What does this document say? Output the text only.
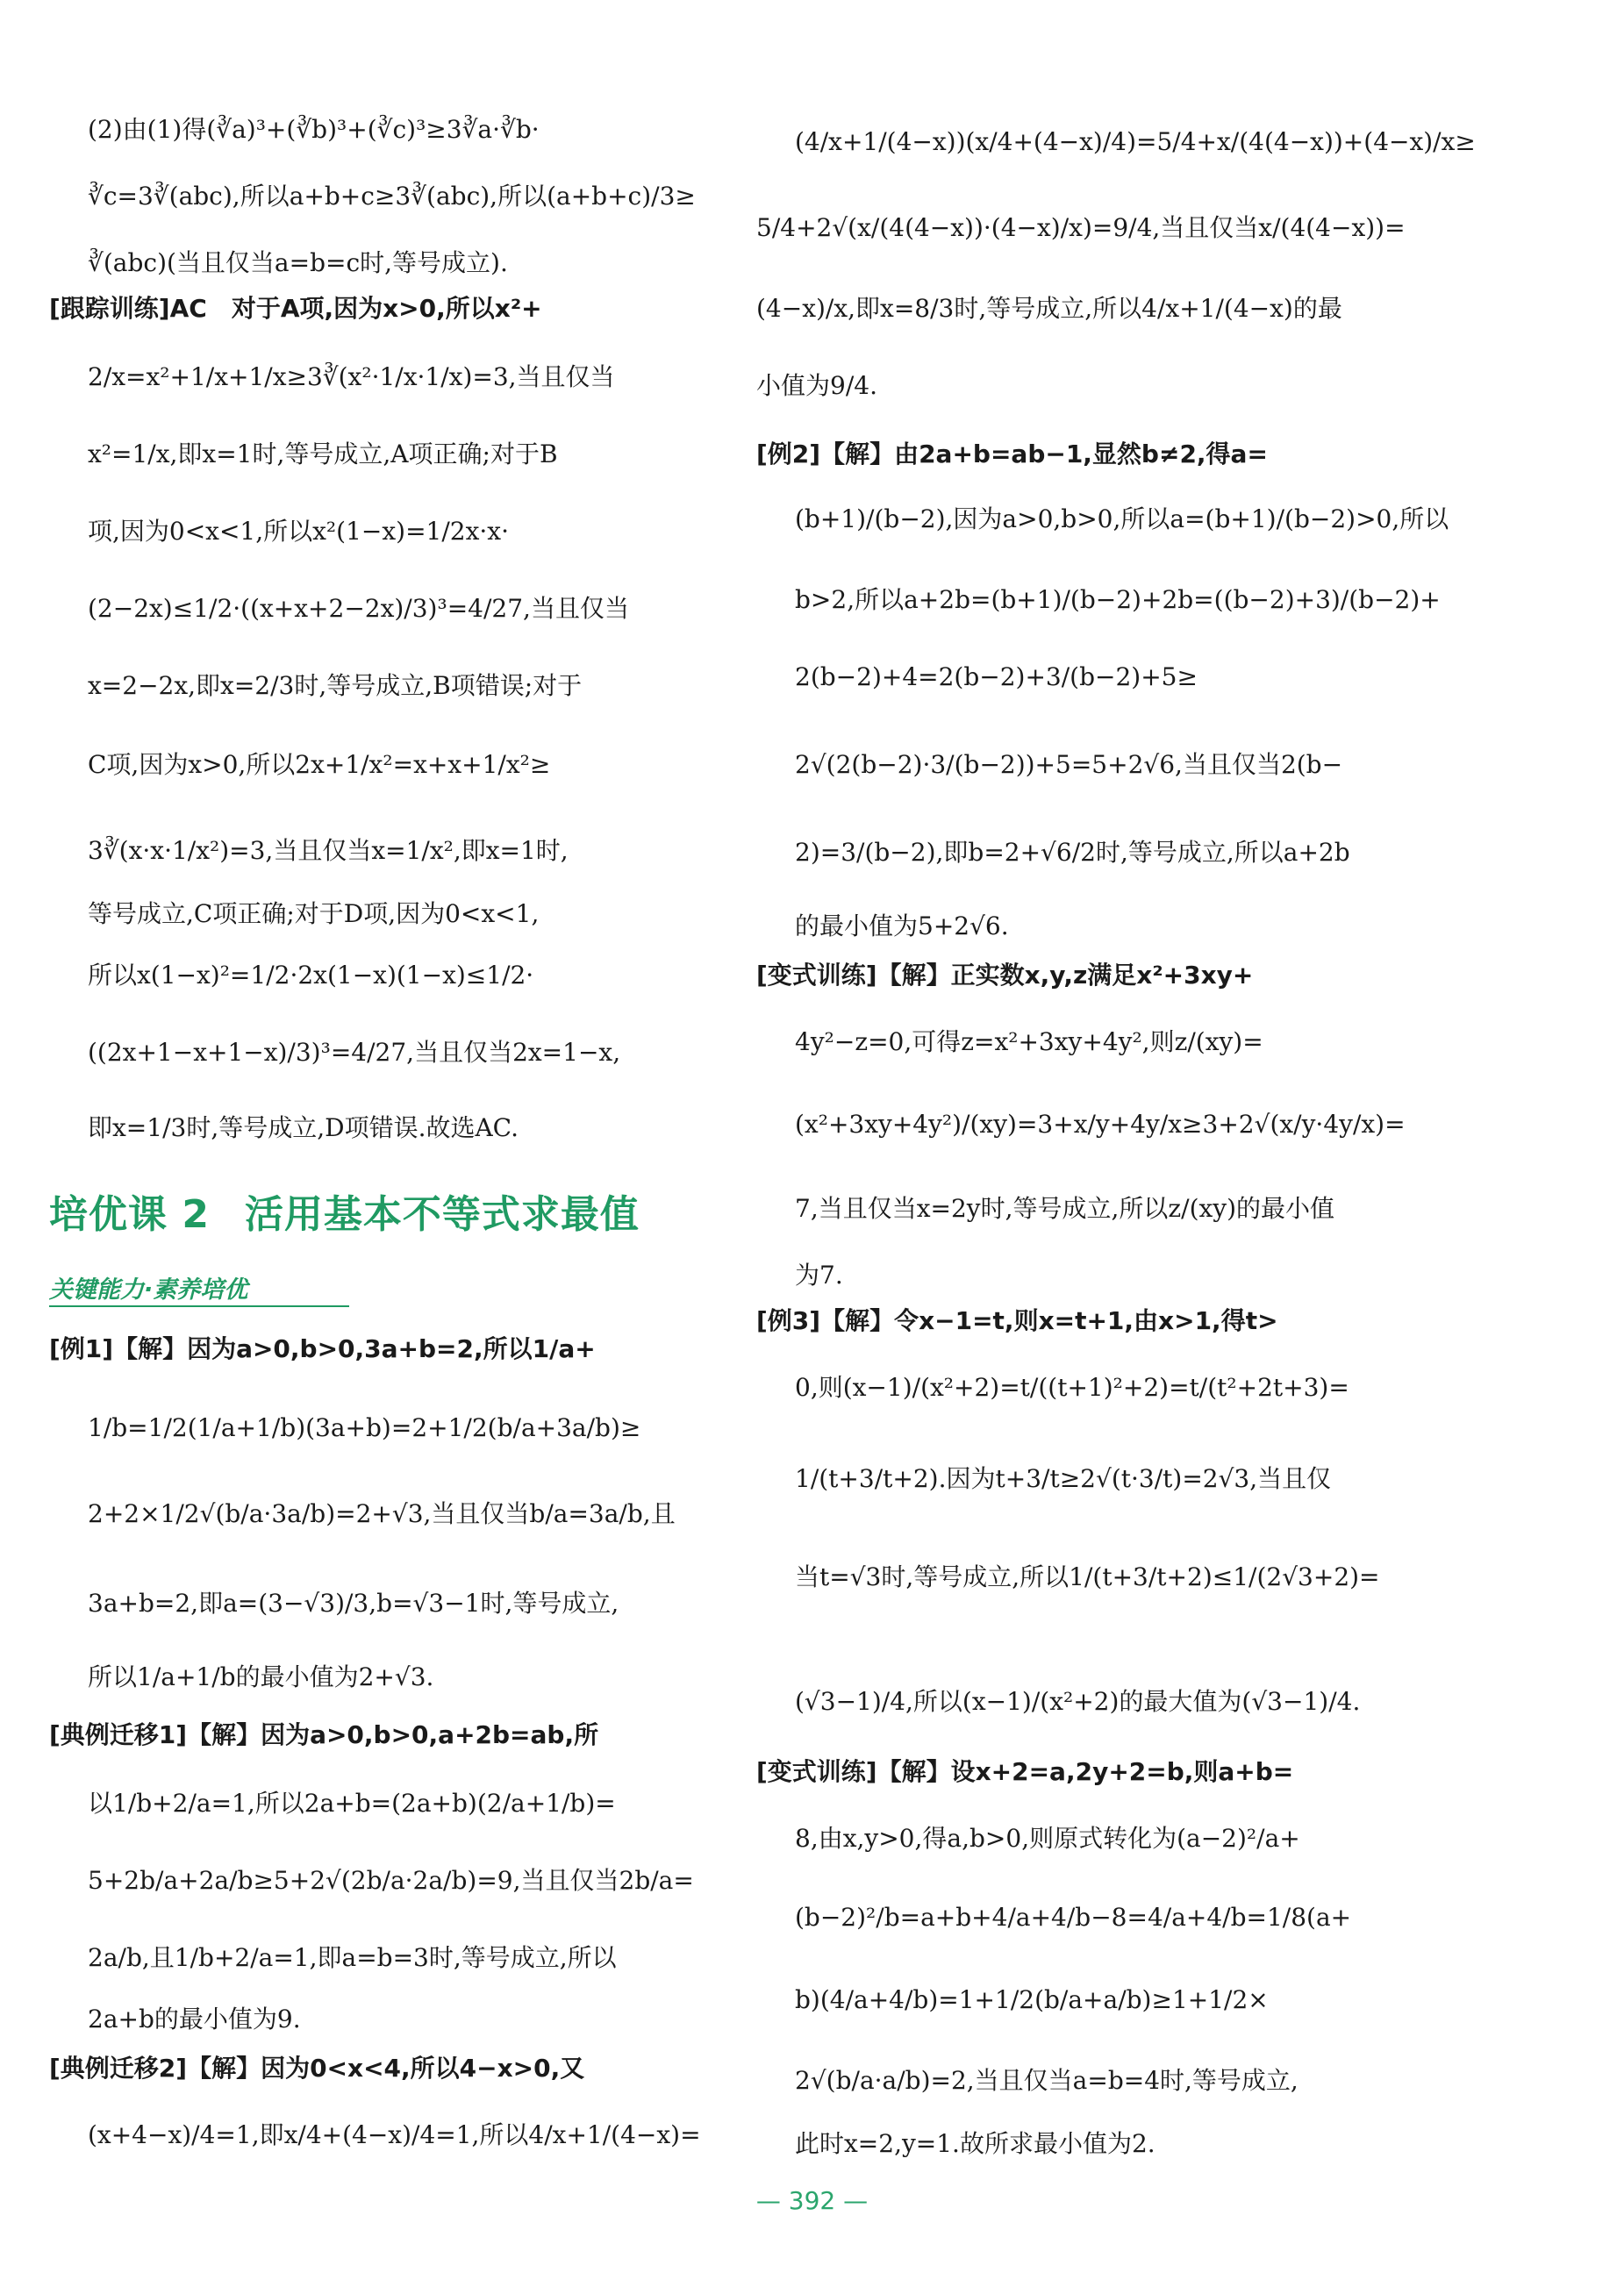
(2)由(1)得(∛a)³+(∛b)³+(∛c)³≥3∛a·∛b·
∛c=3∛(abc),所以a+b+c≥3∛(abc),所以(a+b+c)/3≥
∛(abc)(当且仅当a=b=c时,等号成立).
[跟踪训练]AC　对于A项,因为x>0,所以x²+
2/x=x²+1/x+1/x≥3∛(x²·1/x·1/x)=3,当且仅当
x²=1/x,即x=1时,等号成立,A项正确;对于B
项,因为0<x<1,所以x²(1−x)=1/2x·x·
(2−2x)≤1/2·((x+x+2−2x)/3)³=4/27,当且仅当
x=2−2x,即x=2/3时,等号成立,B项错误;对于
C项,因为x>0,所以2x+1/x²=x+x+1/x²≥
3∛(x·x·1/x²)=3,当且仅当x=1/x²,即x=1时,
等号成立,C项正确;对于D项,因为0<x<1,
所以x(1−x)²=1/2·2x(1−x)(1−x)≤1/2·
((2x+1−x+1−x)/3)³=4/27,当且仅当2x=1−x,
即x=1/3时,等号成立,D项错误.故选AC.
培优课 2 活用基本不等式求最值
关键能力·素养培优
[例1]【解】因为a>0,b>0,3a+b=2,所以1/a+
1/b=1/2(1/a+1/b)(3a+b)=2+1/2(b/a+3a/b)≥
2+2×1/2√(b/a·3a/b)=2+√3,当且仅当b/a=3a/b,且
3a+b=2,即a=(3−√3)/3,b=√3−1时,等号成立,
所以1/a+1/b的最小值为2+√3.
[典例迁移1]【解】因为a>0,b>0,a+2b=ab,所
以1/b+2/a=1,所以2a+b=(2a+b)(2/a+1/b)=
5+2b/a+2a/b≥5+2√(2b/a·2a/b)=9,当且仅当2b/a=
2a/b,且1/b+2/a=1,即a=b=3时,等号成立,所以
2a+b的最小值为9.
[典例迁移2]【解】因为0<x<4,所以4−x>0,又
(x+4−x)/4=1,即x/4+(4−x)/4=1,所以4/x+1/(4−x)=
(4/x+1/(4−x))(x/4+(4−x)/4)=5/4+x/(4(4−x))+(4−x)/x≥
5/4+2√(x/(4(4−x))·(4−x)/x)=9/4,当且仅当x/(4(4−x))=
(4−x)/x,即x=8/3时,等号成立,所以4/x+1/(4−x)的最
小值为9/4.
[例2]【解】由2a+b=ab−1,显然b≠2,得a=
(b+1)/(b−2),因为a>0,b>0,所以a=(b+1)/(b−2)>0,所以
b>2,所以a+2b=(b+1)/(b−2)+2b=((b−2)+3)/(b−2)+
2(b−2)+4=2(b−2)+3/(b−2)+5≥
2√(2(b−2)·3/(b−2))+5=5+2√6,当且仅当2(b−
2)=3/(b−2),即b=2+√6/2时,等号成立,所以a+2b
的最小值为5+2√6.
[变式训练]【解】正实数x,y,z满足x²+3xy+
4y²−z=0,可得z=x²+3xy+4y²,则z/(xy)=
(x²+3xy+4y²)/(xy)=3+x/y+4y/x≥3+2√(x/y·4y/x)=
7,当且仅当x=2y时,等号成立,所以z/(xy)的最小值
为7.
[例3]【解】令x−1=t,则x=t+1,由x>1,得t>
0,则(x−1)/(x²+2)=t/((t+1)²+2)=t/(t²+2t+3)=
1/(t+3/t+2).因为t+3/t≥2√(t·3/t)=2√3,当且仅
当t=√3时,等号成立,所以1/(t+3/t+2)≤1/(2√3+2)=
(√3−1)/4,所以(x−1)/(x²+2)的最大值为(√3−1)/4.
[变式训练]【解】设x+2=a,2y+2=b,则a+b=
8,由x,y>0,得a,b>0,则原式转化为(a−2)²/a+
(b−2)²/b=a+b+4/a+4/b−8=4/a+4/b=1/8(a+
b)(4/a+4/b)=1+1/2(b/a+a/b)≥1+1/2×
2√(b/a·a/b)=2,当且仅当a=b=4时,等号成立,
此时x=2,y=1.故所求最小值为2.
— 392 —
